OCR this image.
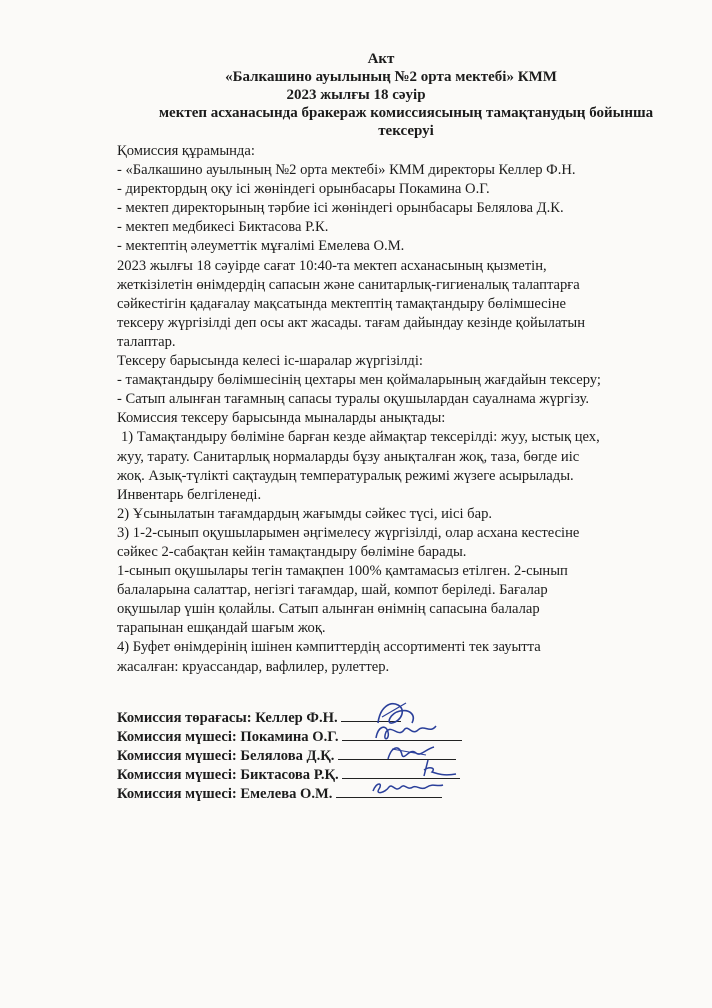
Акт
«Балкашино ауылының №2 орта мектебі» КММ
2023 жылғы 18 сәуір
мектеп асханасында бракераж комиссиясының тамақтанудың бойынша
тексеруі
Қомиссия құрамында:
- «Балкашино ауылының №2 орта мектебі» КММ директоры Келлер Ф.Н.
- директордың оқу ісі жөніндегі орынбасары Покамина О.Г.
- мектеп директорының тәрбие ісі жөніндегі орынбасары Белялова Д.К.
- мектеп медбикесі Биктасова Р.К.
- мектептің әлеуметтік мұғалімі Емелева О.М.
2023 жылғы 18 сәуірде сағат 10:40-та мектеп асханасының қызметін,
жеткізілетін өнімдердің сапасын және санитарлық-гигиеналық талаптарға
сәйкестігін қадағалау мақсатында мектептің тамақтандыру бөлімшесіне
тексеру жүргізілді деп осы акт жасады. тағам дайындау кезінде қойылатын
талаптар.
Тексеру барысында келесі іс-шаралар жүргізілді:
- тамақтандыру бөлімшесінің цехтары мен қоймаларының жағдайын тексеру;
- Сатып алынған тағамның сапасы туралы оқушылардан сауалнама жүргізу.
Комиссия тексеру барысында мыналарды анықтады:
1) Тамақтандыру бөліміне барған кезде аймақтар тексерілді: жуу, ыстық цех,
жуу, тарату. Санитарлық нормаларды бұзу анықталған жоқ, таза, бөгде иіс
жоқ. Азық-түлікті сақтаудың температуралық режимі жүзеге асырылады.
Инвентарь белгіленеді.
2) Ұсынылатын тағамдардың жағымды сәйкес түсі, иісі бар.
3) 1-2-сынып оқушыларымен әңгімелесу жүргізілді, олар асхана кестесіне
сәйкес 2-сабақтан кейін тамақтандыру бөліміне барады.
1-сынып оқушылары тегін тамақпен 100% қамтамасыз етілген. 2-сынып
балаларына салаттар, негізгі тағамдар, шай, компот беріледі. Бағалар
оқушылар үшін қолайлы. Сатып алынған өнімнің сапасына балалар
тарапынан ешқандай шағым жоқ.
4) Буфет өнімдерінің ішінен кәмпиттердің ассортименті тек зауытта
жасалған: круассандар, вафлилер, рулеттер.
Комиссия төрағасы: Келлер Ф.Н.
Комиссия мүшесі: Покамина О.Г.
Комиссия мүшесі: Белялова Д.Қ.
Комиссия мүшесі: Биктасова Р.Қ.
Комиссия мүшесі: Емелева О.М.
